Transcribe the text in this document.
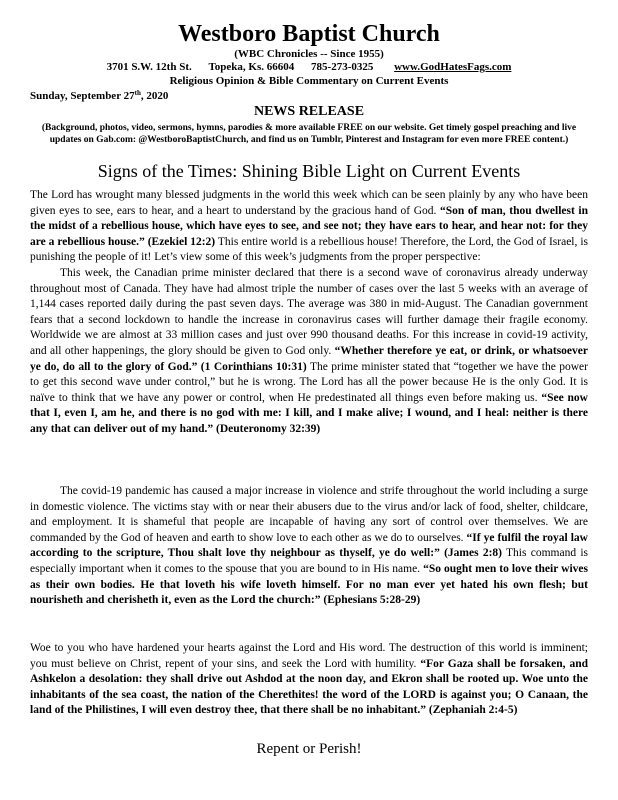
Westboro Baptist Church
(WBC Chronicles -- Since 1955)
3701 S.W. 12th St. Topeka, Ks. 66604 785-273-0325 www.GodHatesFags.com
Religious Opinion & Bible Commentary on Current Events
Sunday, September 27th, 2020
NEWS RELEASE
(Background, photos, video, sermons, hymns, parodies & more available FREE on our website. Get timely gospel preaching and live updates on Gab.com: @WestboroBaptistChurch, and find us on Tumblr, Pinterest and Instagram for even more FREE content.)
Signs of the Times: Shining Bible Light on Current Events

The Lord has wrought many blessed judgments in the world this week which can be seen plainly by any who have been given eyes to see, ears to hear, and a heart to understand by the gracious hand of God. “Son of man, thou dwellest in the midst of a rebellious house, which have eyes to see, and see not; they have ears to hear, and hear not: for they are a rebellious house.” (Ezekiel 12:2) This entire world is a rebellious house! Therefore, the Lord, the God of Israel, is punishing the people of it! Let’s view some of this week’s judgments from the proper perspective:

This week, the Canadian prime minister declared that there is a second wave of coronavirus already underway throughout most of Canada. They have had almost triple the number of cases over the last 5 weeks with an average of 1,144 cases reported daily during the past seven days. The average was 380 in mid-August. The Canadian government fears that a second lockdown to handle the increase in coronavirus cases will further damage their fragile economy. Worldwide we are almost at 33 million cases and just over 990 thousand deaths. For this increase in covid-19 activity, and all other happenings, the glory should be given to God only. “Whether therefore ye eat, or drink, or whatsoever ye do, do all to the glory of God.” (1 Corinthians 10:31) The prime minister stated that “together we have the power to get this second wave under control,” but he is wrong. The Lord has all the power because He is the only God. It is naïve to think that we have any power or control, when He predestinated all things even before making us. “See now that I, even I, am he, and there is no god with me: I kill, and I make alive; I wound, and I heal: neither is there any that can deliver out of my hand.” (Deuteronomy 32:39)

The covid-19 pandemic has caused a major increase in violence and strife throughout the world including a surge in domestic violence. The victims stay with or near their abusers due to the virus and/or lack of food, shelter, childcare, and employment. It is shameful that people are incapable of having any sort of control over themselves. We are commanded by the God of heaven and earth to show love to each other as we do to ourselves. “If ye fulfil the royal law according to the scripture, Thou shalt love thy neighbour as thyself, ye do well:” (James 2:8) This command is especially important when it comes to the spouse that you are bound to in His name. “So ought men to love their wives as their own bodies. He that loveth his wife loveth himself. For no man ever yet hated his own flesh; but nourisheth and cherisheth it, even as the Lord the church:” (Ephesians 5:28-29)

Woe to you who have hardened your hearts against the Lord and His word. The destruction of this world is imminent; you must believe on Christ, repent of your sins, and seek the Lord with humility. “For Gaza shall be forsaken, and Ashkelon a desolation: they shall drive out Ashdod at the noon day, and Ekron shall be rooted up. Woe unto the inhabitants of the sea coast, the nation of the Cherethites! the word of the LORD is against you; O Canaan, the land of the Philistines, I will even destroy thee, that there shall be no inhabitant.” (Zephaniah 2:4-5)

Repent or Perish!
